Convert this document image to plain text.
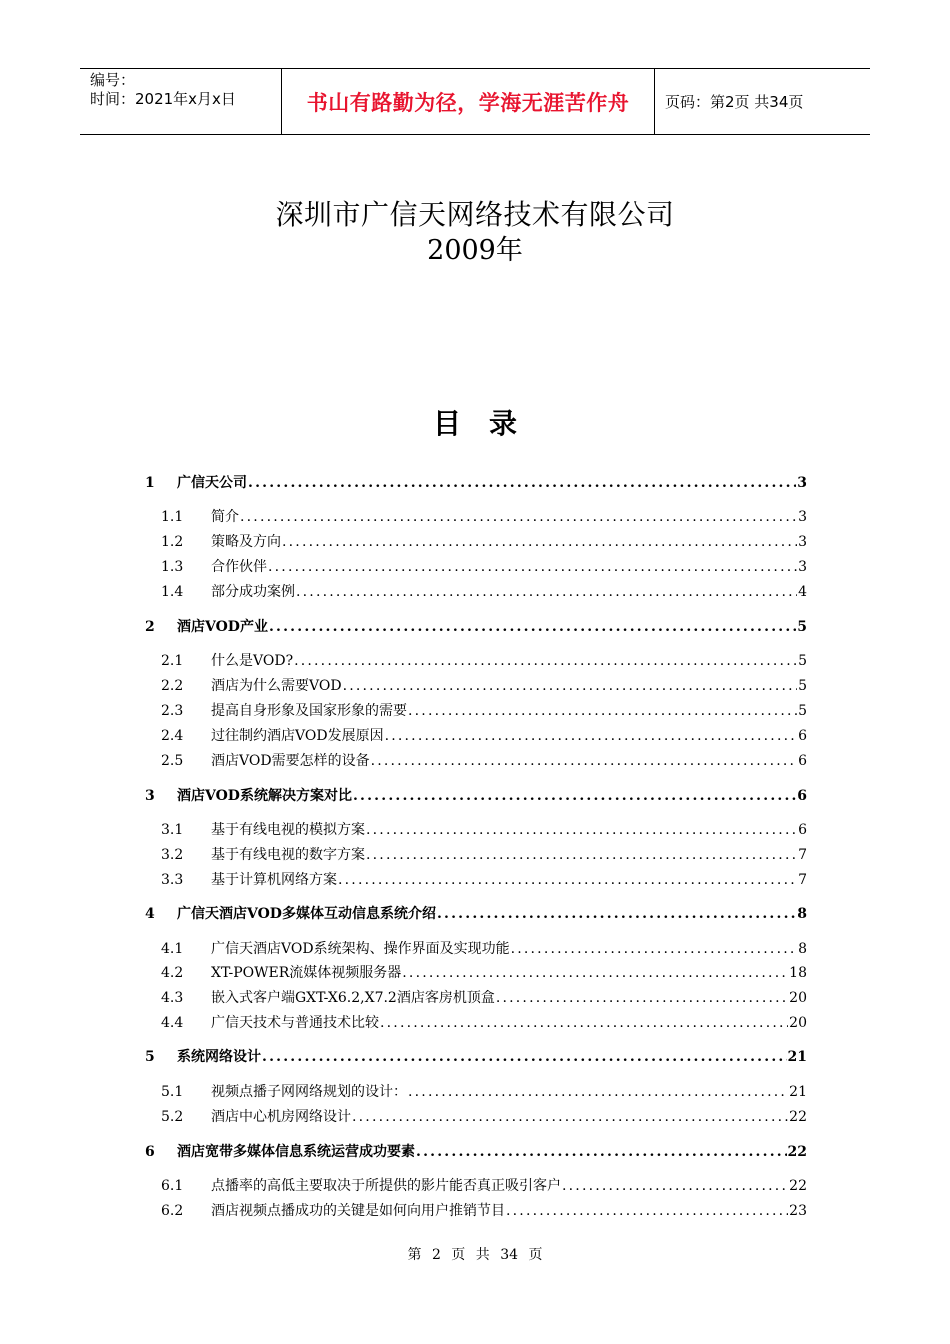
编号：
时间：2021年x月x日	书山有路勤为径，学海无涯苦作舟 页码：第2页 共34页
深圳市广信天网络技术有限公司
2009年
目录
1	广信天公司 .....	3
1.1	简介 .....	3
1.2	策略及方向 .....	3
1.3	合作伙伴 .....	3
1.4	部分成功案例 .....	4
2	酒店VOD产业 .....	5
2.1	什么是VOD? .....	5
2.2	酒店为什么需要VOD .....	5
2.3	提高自身形象及国家形象的需要 .....	5
2.4	过往制约酒店VOD发展原因 .....	6
2.5	酒店VOD需要怎样的设备 .....	6
3	酒店VOD系统解决方案对比 .....	6
3.1	基于有线电视的模拟方案 .....	6
3.2	基于有线电视的数字方案 .....	7
3.3	基于计算机网络方案 .....	7
4	广信天酒店VOD多媒体互动信息系统介绍 .....	8
4.1	广信天酒店VOD系统架构、操作界面及实现功能 .....	8
4.2	XT-POWER流媒体视频服务器 .....	18
4.3	嵌入式客户端GXT-X6.2,X7.2酒店客房机顶盒 .....	20
4.4	广信天技术与普通技术比较 .....	20
5	系统网络设计 .....	21
5.1	视频点播子网网络规划的设计： .....	21
5.2	酒店中心机房网络设计 .....	22
6	酒店宽带多媒体信息系统运营成功要素 .....	22
6.1	点播率的高低主要取决于所提供的影片能否真正吸引客户 .....	22
6.2	酒店视频点播成功的关键是如何向用户推销节目 .....	23
第 2 页 共 34 页
